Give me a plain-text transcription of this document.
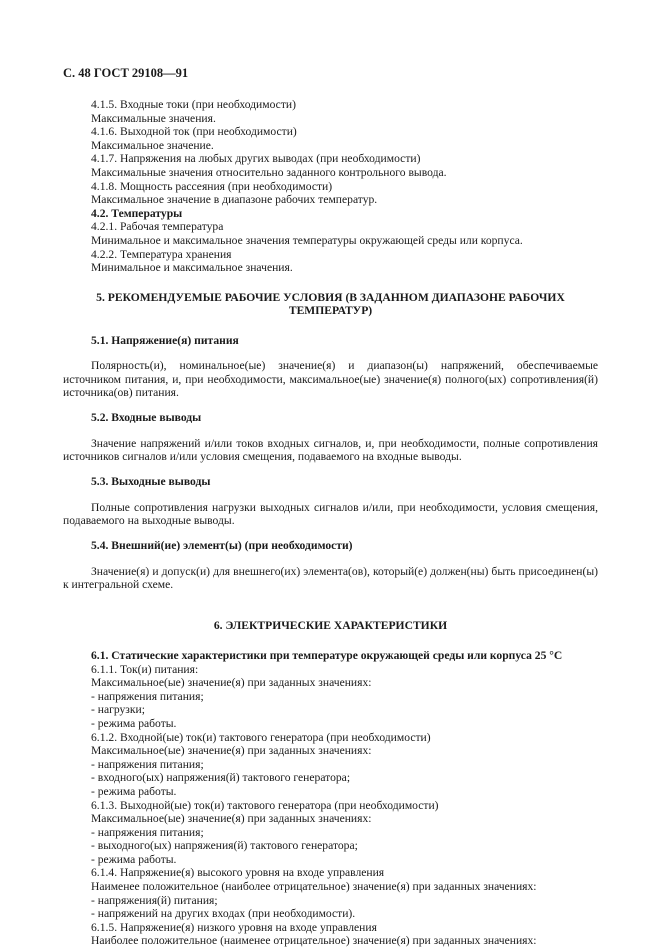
С. 48 ГОСТ 29108—91

4.1.5. Входные токи (при необходимости)

Максимальные значения.

4.1.6. Выходной ток (при необходимости)

Максимальное значение.

4.1.7. Напряжения на любых других выводах (при необходимости)

Максимальные значения относительно заданного контрольного вывода.

4.1.8. Мощность рассеяния (при необходимости)

Максимальное значение в диапазоне рабочих температур.

4.2. Температуры

4.2.1. Рабочая температура

Минимальное и максимальное значения температуры окружающей среды или корпуса.

4.2.2. Температура хранения

Минимальное и максимальное значения.

5. РЕКОМЕНДУЕМЫЕ РАБОЧИЕ УСЛОВИЯ (В ЗАДАННОМ ДИАПАЗОНЕ РАБОЧИХ ТЕМПЕРАТУР)

5.1. Напряжение(я) питания

Полярность(и), номинальное(ые) значение(я) и диапазон(ы) напряжений, обеспечиваемые источником питания, и, при необходимости, максимальное(ые) значение(я) полного(ых) сопротивления(й) источника(ов) питания.

5.2. Входные выводы

Значение напряжений и/или токов входных сигналов, и, при необходимости, полные сопротивления источников сигналов и/или условия смещения, подаваемого на входные выводы.

5.3. Выходные выводы

Полные сопротивления нагрузки выходных сигналов и/или, при необходимости, условия смещения, подаваемого на выходные выводы.

5.4. Внешний(ие) элемент(ы) (при необходимости)

Значение(я) и допуск(и) для внешнего(их) элемента(ов), который(е) должен(ны) быть присоединен(ы) к интегральной схеме.

6. ЭЛЕКТРИЧЕСКИЕ ХАРАКТЕРИСТИКИ

6.1. Статические характеристики при температуре окружающей среды или корпуса 25 °С

6.1.1. Ток(и) питания:

Максимальное(ые) значение(я) при заданных значениях:

- напряжения питания;

- нагрузки;

- режима работы.

6.1.2. Входной(ые) ток(и) тактового генератора (при необходимости)

Максимальное(ые) значение(я) при заданных значениях:

- напряжения питания;

- входного(ых) напряжения(й) тактового генератора;

- режима работы.

6.1.3. Выходной(ые) ток(и) тактового генератора (при необходимости)

Максимальное(ые) значение(я) при заданных значениях:

- напряжения питания;

- выходного(ых) напряжения(й) тактового генератора;

- режима работы.

6.1.4. Напряжение(я) высокого уровня на входе управления

Наименее положительное (наиболее отрицательное) значение(я) при заданных значениях:

- напряжения(й) питания;

- напряжений на других входах (при необходимости).

6.1.5. Напряжение(я) низкого уровня на входе управления

Наиболее положительное (наименее отрицательное) значение(я) при заданных значениях:
